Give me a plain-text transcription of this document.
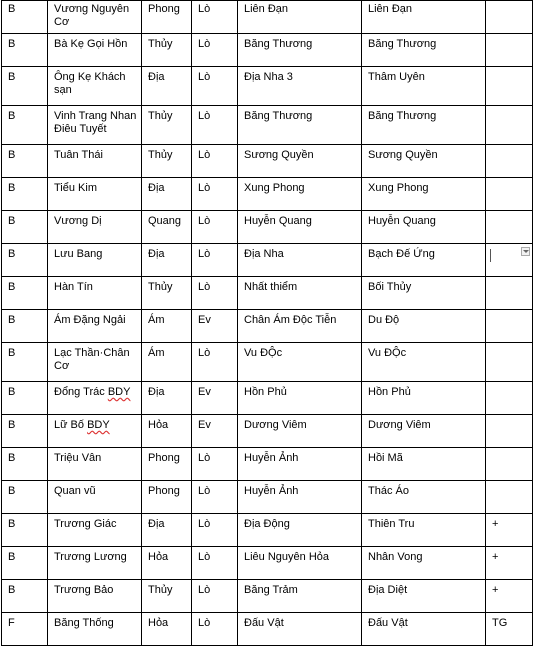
B	Vương Nguyên Cơ	Phong	Lò	Liên Đạn	Liên Đạn	
B	Bà Kẹ Gọi Hồn	Thủy	Lò	Băng Thương	Băng Thương	
B	Ông Kẹ Khách sạn	Địa	Lò	Địa Nha 3	Thâm Uyên	
B	Vinh Trang Nhan Điêu Tuyết	Thủy	Lò	Băng Thương	Băng Thương	
B	Tuân Thái	Thủy	Lò	Sương Quyền	Sương Quyền	
B	Tiểu Kim	Địa	Lò	Xung Phong	Xung Phong	
B	Vương Dị	Quang	Lò	Huyễn Quang	Huyễn Quang	
B	Lưu Bang	Địa	Lò	Địa Nha	Bạch Đế Ứng	

B	Hàn Tín	Thủy	Lò	Nhất thiểm	Bối Thủy	
B	Ám Đặng Ngải	Ám	Ev	Chân Ám Độc Tiễn	Du Độ	
B	Lạc Thần·Chân Cơ	Ám	Lò	Vu ĐỘc	Vu ĐỘc	
B	Đổng Trác BDY	Địa	Ev	Hồn Phủ	Hồn Phủ	
B	Lữ Bố BDY	Hỏa	Ev	Dương Viêm	Dương Viêm	
B	Triệu Vân	Phong	Lò	Huyễn Ảnh	Hồi Mã	
B	Quan vũ	Phong	Lò	Huyễn Ảnh	Thác Áo	
B	Trương Giác	Địa	Lò	Địa Động	Thiên Tru	+
B	Trương Lương	Hỏa	Lò	Liêu Nguyên Hỏa	Nhân Vong	+
B	Trương Bảo	Thủy	Lò	Băng Trảm	Địa Diệt	+
F	Băng Thống	Hỏa	Lò	Đấu Vật	Đấu Vật	TG
